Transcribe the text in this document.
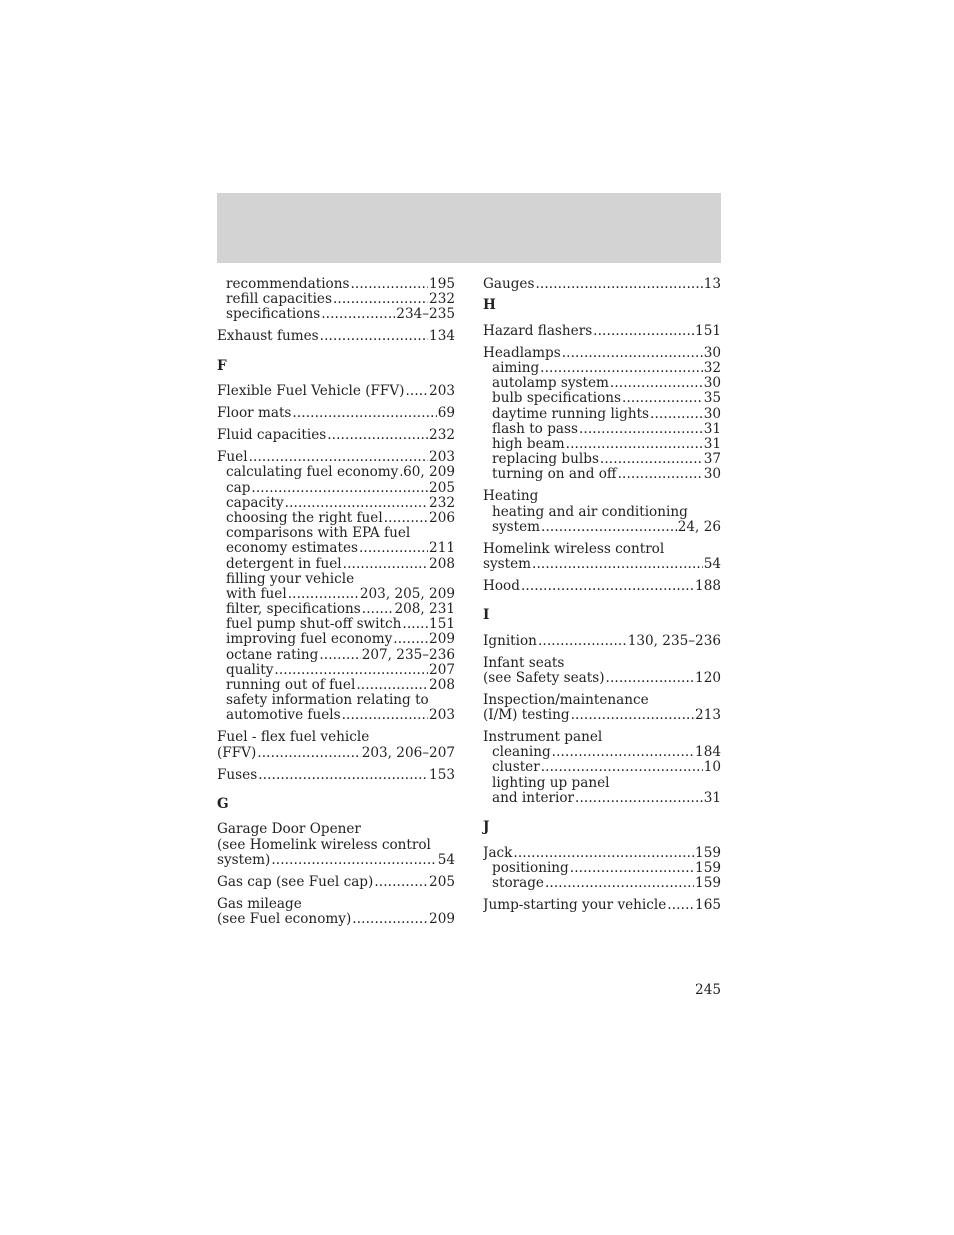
recommendations . . .	195
refill capacities . . .	232
specifications . . .	234–235
Exhaust fumes . . .	134
F
Flexible Fuel Vehicle (FFV) . . . 203
Floor mats . . .	69
Fluid capacities . . .	232
Fuel . . .	203
calculating fuel economy . . . 60, 209
cap . . .	205
capacity . . .	232
choosing the right fuel . . .	206
comparisons with EPA fuel
economy estimates . . .	211
detergent in fuel . . .	208
filling your vehicle
with fuel . . .	203, 205, 209
filter, specifications . . . 208, 231
fuel pump shut-off switch . . . 151
improving fuel economy . . .	209
octane rating . . .	207, 235–236
quality . . .	207
running out of fuel . . .	208
safety information relating to
automotive fuels . . .	203
Fuel - flex fuel vehicle
(FFV) . . .	203, 206–207
Fuses . . .	153
G
Garage Door Opener
(see Homelink wireless control
system) . . .	54
Gas cap (see Fuel cap) . . .	205
Gas mileage
(see Fuel economy) . . .	209
Gauges . . .	13
H
Hazard flashers . . .	151
Headlamps . . .	30
aiming . . .	32
autolamp system . . .	30
bulb specifications . . .	35
daytime running lights . . .	30
flash to pass . . .	31
high beam . . .	31
replacing bulbs . . .	37
turning on and off . . .	30
Heating
heating and air conditioning
system . . .	24, 26
Homelink wireless control
system . . .	54
Hood . . .	188
I
Ignition . . .	130, 235–236
Infant seats
(see Safety seats) . . .	120
Inspection/maintenance
(I/M) testing . . .	213
Instrument panel
cleaning . . .	184
cluster . . .	10
lighting up panel
and interior . . .	31
J
Jack . . .	159
positioning . . .	159
storage . . .	159
Jump-starting your vehicle . . . 165
245
